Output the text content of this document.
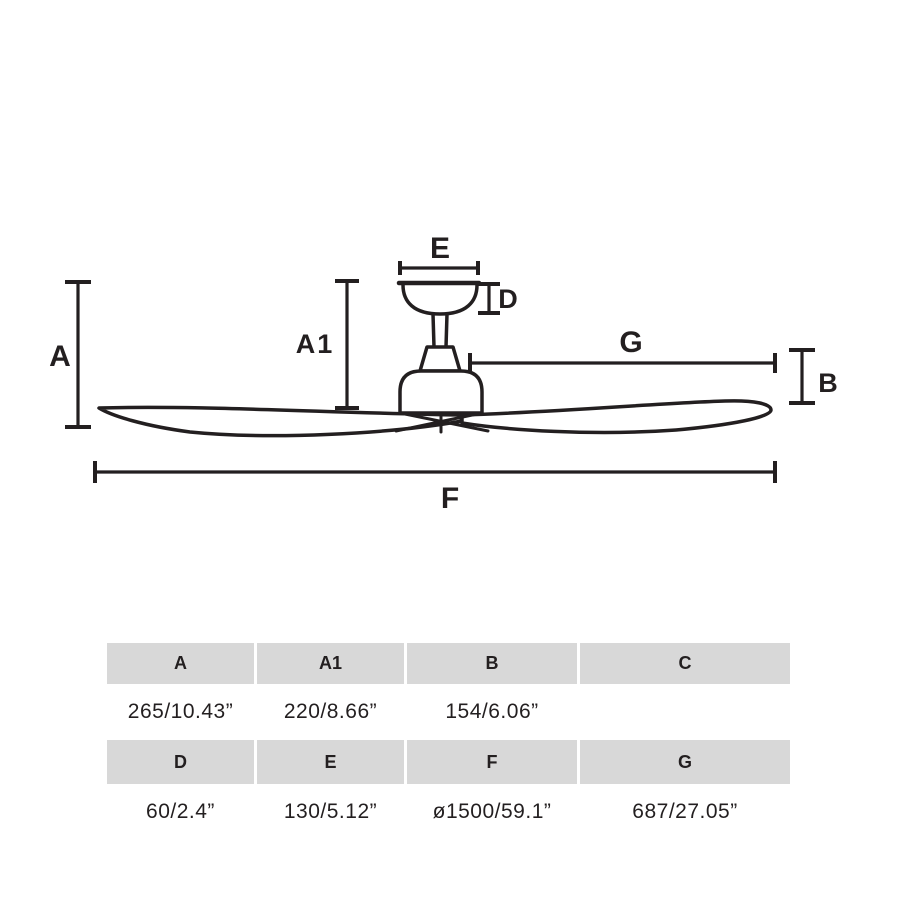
A	A1
E
D
G
B
F
A	A1	B	C
265/10.43”	220/8.66”	154/6.06”
D	E	F	G
60/2.4”	130/5.12”	ø1500/59.1”	687/27.05”
